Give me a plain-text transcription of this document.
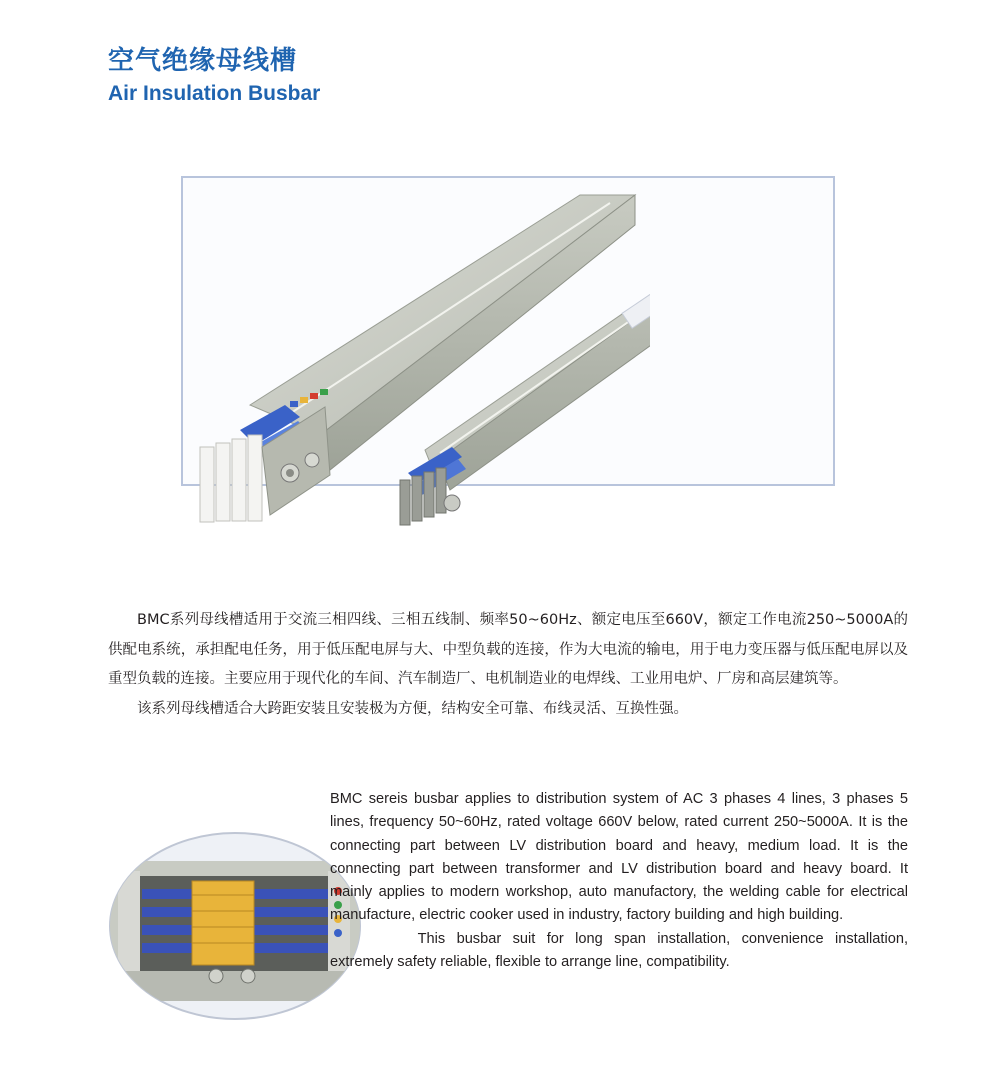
空气绝缘母线槽
Air Insulation Busbar

BMC系列母线槽适用于交流三相四线、三相五线制、频率50~60Hz、额定电压至660V，额定工作电流250~5000A的供配电系统，承担配电任务，用于低压配电屏与大、中型负载的连接，作为大电流的输电，用于电力变压器与低压配电屏以及重型负载的连接。主要应用于现代化的车间、汽车制造厂、电机制造业的电焊线、工业用电炉、厂房和高层建筑等。

该系列母线槽适合大跨距安装且安装极为方便，结构安全可靠、布线灵活、互换性强。

BMC sereis busbar applies to distribution system of AC 3 phases 4 lines, 3 phases 5 lines, frequency 50~60Hz, rated voltage 660V below, rated current 250~5000A. It is the connecting part between LV distribution board and heavy, medium load. It is the connecting part between transformer and LV distribution board and heavy board. It mainly applies to modern workshop, auto manufactory, the welding cable for electrical manufacture, electric cooker used in industry, factory building and high building.

This busbar suit for long span installation, convenience installation, extremely safety reliable, flexible to arrange line, compatibility.
